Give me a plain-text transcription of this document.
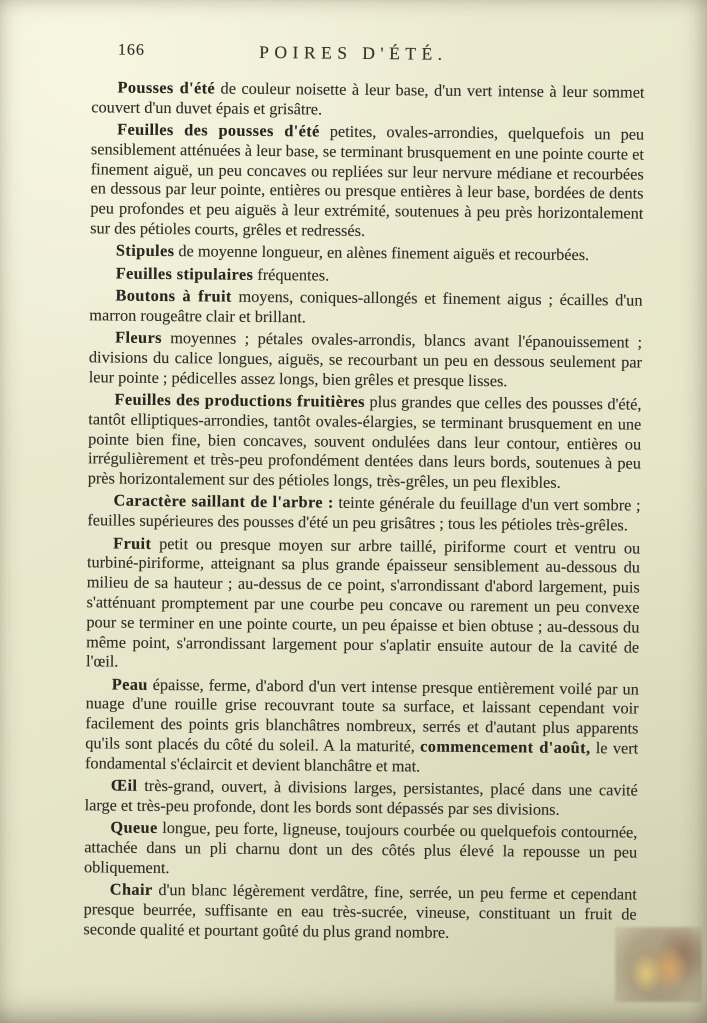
166	POIRES D'ÉTÉ.

Pousses d'été de couleur noisette à leur base, d'un vert intense à leur sommet couvert d'un duvet épais et grisâtre.

Feuilles des pousses d'été petites, ovales-arrondies, quelquefois un peu sensiblement atténuées à leur base, se terminant brusquement en une pointe courte et finement aiguë, un peu concaves ou repliées sur leur nervure médiane et recourbées en dessous par leur pointe, entières ou presque entières à leur base, bordées de dents peu profondes et peu aiguës à leur extrémité, soutenues à peu près horizontalement sur des pétioles courts, grêles et redressés.

Stipules de moyenne longueur, en alènes finement aiguës et recourbées.

Feuilles stipulaires fréquentes.

Boutons à fruit moyens, coniques-allongés et finement aigus ; écailles d'un marron rougeâtre clair et brillant.

Fleurs moyennes ; pétales ovales-arrondis, blancs avant l'épanouissement ; divisions du calice longues, aiguës, se recourbant un peu en dessous seulement par leur pointe ; pédicelles assez longs, bien grêles et presque lisses.

Feuilles des productions fruitières plus grandes que celles des pousses d'été, tantôt elliptiques-arrondies, tantôt ovales-élargies, se terminant brusquement en une pointe bien fine, bien concaves, souvent ondulées dans leur contour, entières ou irrégulièrement et très-peu profondément dentées dans leurs bords, soutenues à peu près horizontalement sur des pétioles longs, très-grêles, un peu flexibles.

Caractère saillant de l'arbre : teinte générale du feuillage d'un vert sombre ; feuilles supérieures des pousses d'été un peu grisâtres ; tous les pétioles très-grêles.

Fruit petit ou presque moyen sur arbre taillé, piriforme court et ventru ou turbiné-piriforme, atteignant sa plus grande épaisseur sensiblement au-dessous du milieu de sa hauteur ; au-dessus de ce point, s'arrondissant d'abord largement, puis s'atténuant promptement par une courbe peu concave ou rarement un peu convexe pour se terminer en une pointe courte, un peu épaisse et bien obtuse ; au-dessous du même point, s'arrondissant largement pour s'aplatir ensuite autour de la cavité de l'œil.

Peau épaisse, ferme, d'abord d'un vert intense presque entièrement voilé par un nuage d'une rouille grise recouvrant toute sa surface, et laissant cependant voir facilement des points gris blanchâtres nombreux, serrés et d'autant plus apparents qu'ils sont placés du côté du soleil. A la maturité, commencement d'août, le vert fondamental s'éclaircit et devient blanchâtre et mat.

Œil très-grand, ouvert, à divisions larges, persistantes, placé dans une cavité large et très-peu profonde, dont les bords sont dépassés par ses divisions.

Queue longue, peu forte, ligneuse, toujours courbée ou quelquefois contournée, attachée dans un pli charnu dont un des côtés plus élevé la repousse un peu obliquement.

Chair d'un blanc légèrement verdâtre, fine, serrée, un peu ferme et cependant presque beurrée, suffisante en eau très-sucrée, vineuse, constituant un fruit de seconde qualité et pourtant goûté du plus grand nombre.
